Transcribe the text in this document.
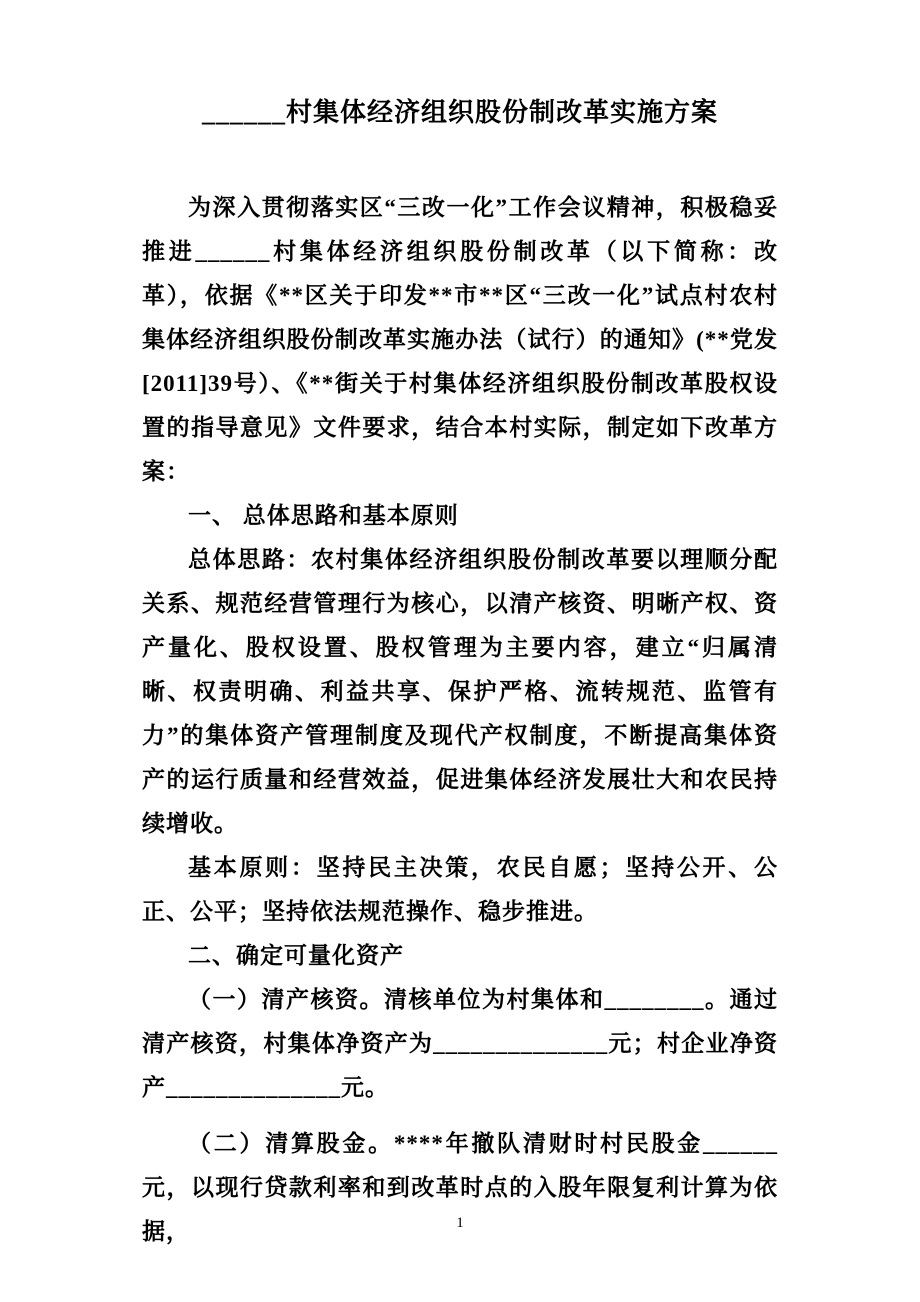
______村集体经济组织股份制改革实施方案

为深入贯彻落实区“三改一化”工作会议精神，积极稳妥推进______村集体经济组织股份制改革（以下简称：改革），依据《**区关于印发**市**区“三改一化”试点村农村集体经济组织股份制改革实施办法（试行）的通知》(**党发[2011]39号）、《**街关于村集体经济组织股份制改革股权设置的指导意见》文件要求，结合本村实际，制定如下改革方案：

一、 总体思路和基本原则

总体思路：农村集体经济组织股份制改革要以理顺分配关系、规范经营管理行为核心，以清产核资、明晰产权、资产量化、股权设置、股权管理为主要内容，建立“归属清晰、权责明确、利益共享、保护严格、流转规范、监管有力”的集体资产管理制度及现代产权制度，不断提高集体资产的运行质量和经营效益，促进集体经济发展壮大和农民持续增收。

基本原则：坚持民主决策，农民自愿；坚持公开、公正、公平；坚持依法规范操作、稳步推进。

二、确定可量化资产

（一）清产核资。清核单位为村集体和________。通过清产核资，村集体净资产为______________元；村企业净资产______________元。

（二）清算股金。****年撤队清财时村民股金______元，以现行贷款利率和到改革时点的入股年限复利计算为依据，	1
